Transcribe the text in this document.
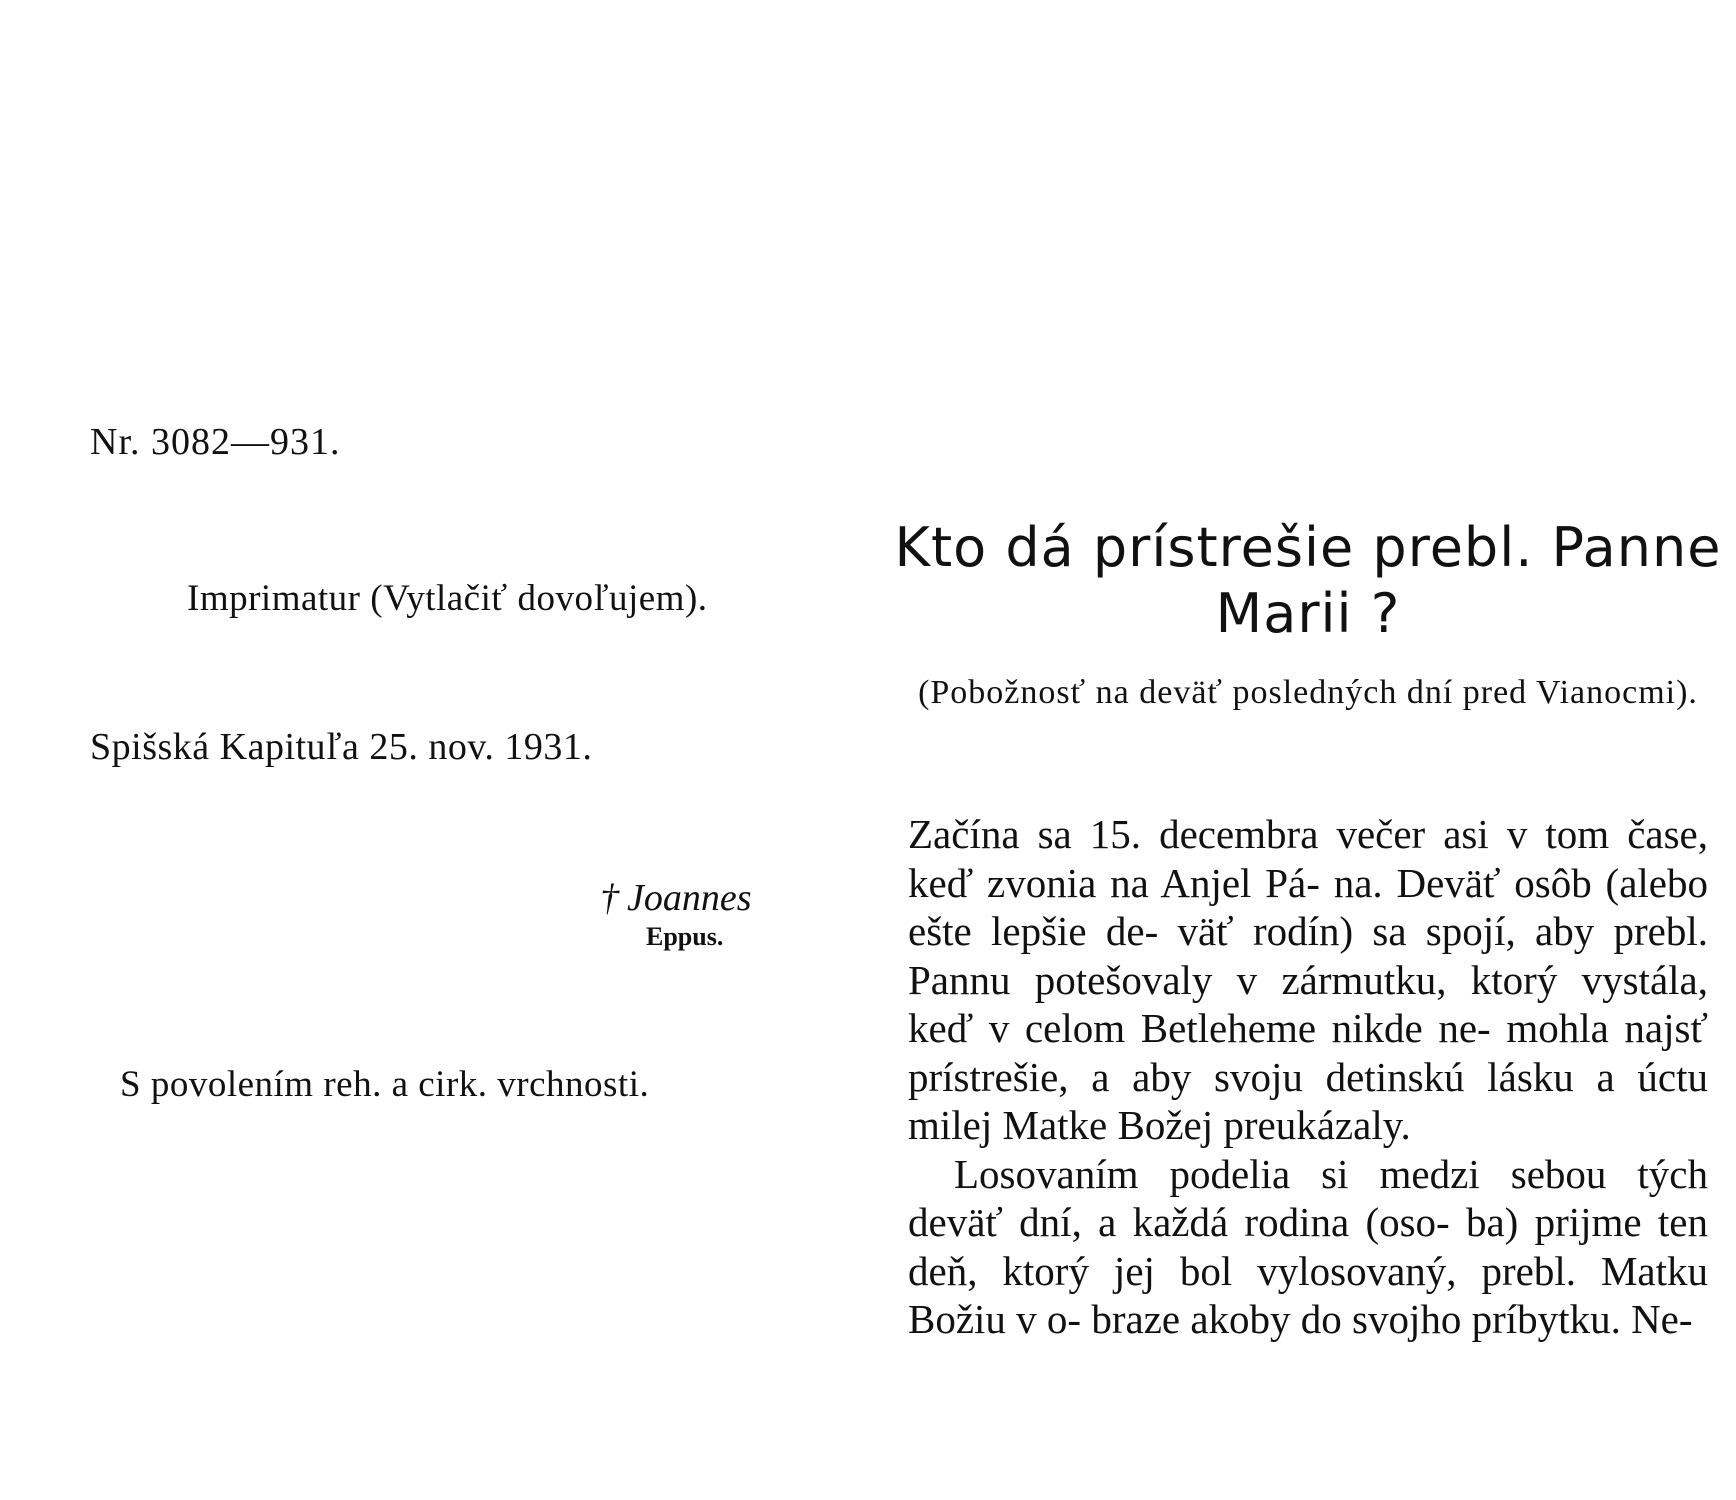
Nr. 3082—931.
Imprimatur (Vytlačiť dovoľujem).
Spišská Kapituľa 25. nov. 1931.
† Joannes
Eppus.
S povolením reh. a cirk. vrchnosti.
Kto dá prístrešie prebl. Panne Marii ?
(Pobožnosť na deväť posledných dní pred Vianocmi).

Začína sa 15. decembra večer asi v tom čase, keď zvonia na Anjel Pá- na. Deväť osôb (alebo ešte lepšie de- väť rodín) sa spojí, aby prebl. Pannu potešovaly v zármutku, ktorý vystála, keď v celom Betleheme nikde ne- mohla najsť prístrešie, a aby svoju detinskú lásku a úctu milej Matke Božej preukázaly.

Losovaním podelia si medzi sebou tých deväť dní, a každá rodina (oso- ba) prijme ten deň, ktorý jej bol vylosovaný, prebl. Matku Božiu v o- braze akoby do svojho príbytku. Ne-
